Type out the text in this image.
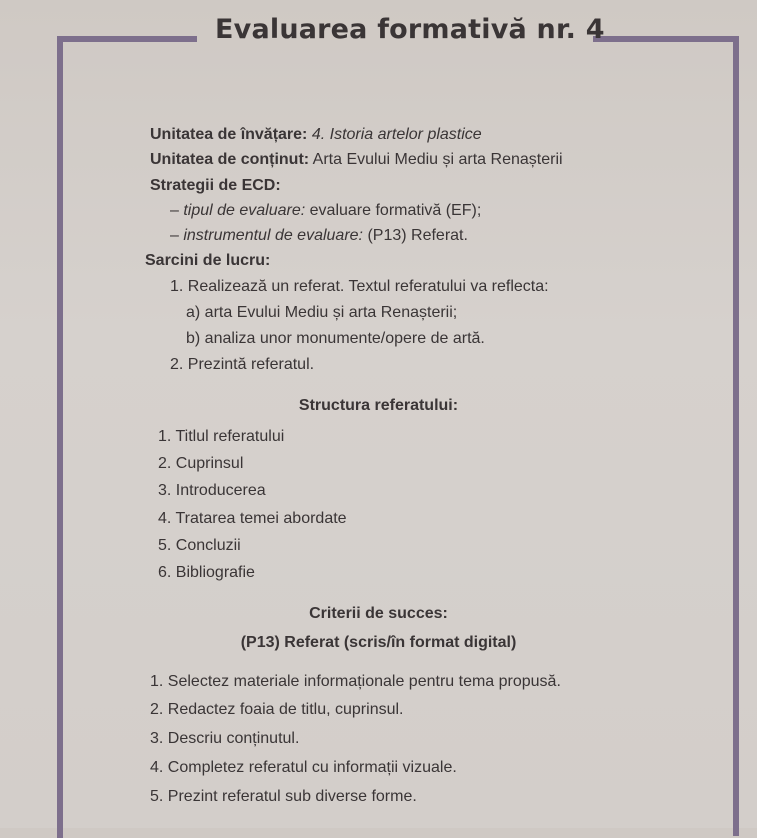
Evaluarea formativă nr. 4
Unitatea de învățare: 4. Istoria artelor plastice
Unitatea de conținut: Arta Evului Mediu și arta Renașterii
Strategii de ECD:
– tipul de evaluare: evaluare formativă (EF);
– instrumentul de evaluare: (P13) Referat.
Sarcini de lucru:
1. Realizează un referat. Textul referatului va reflecta:
a) arta Evului Mediu și arta Renașterii;
b) analiza unor monumente/opere de artă.
2. Prezintă referatul.
Structura referatului:
1. Titlul referatului
2. Cuprinsul
3. Introducerea
4. Tratarea temei abordate
5. Concluzii
6. Bibliografie
Criterii de succes:
(P13) Referat (scris/în format digital)
1. Selectez materiale informaționale pentru tema propusă.
2. Redactez foaia de titlu, cuprinsul.
3. Descriu conținutul.
4. Completez referatul cu informații vizuale.
5. Prezint referatul sub diverse forme.
